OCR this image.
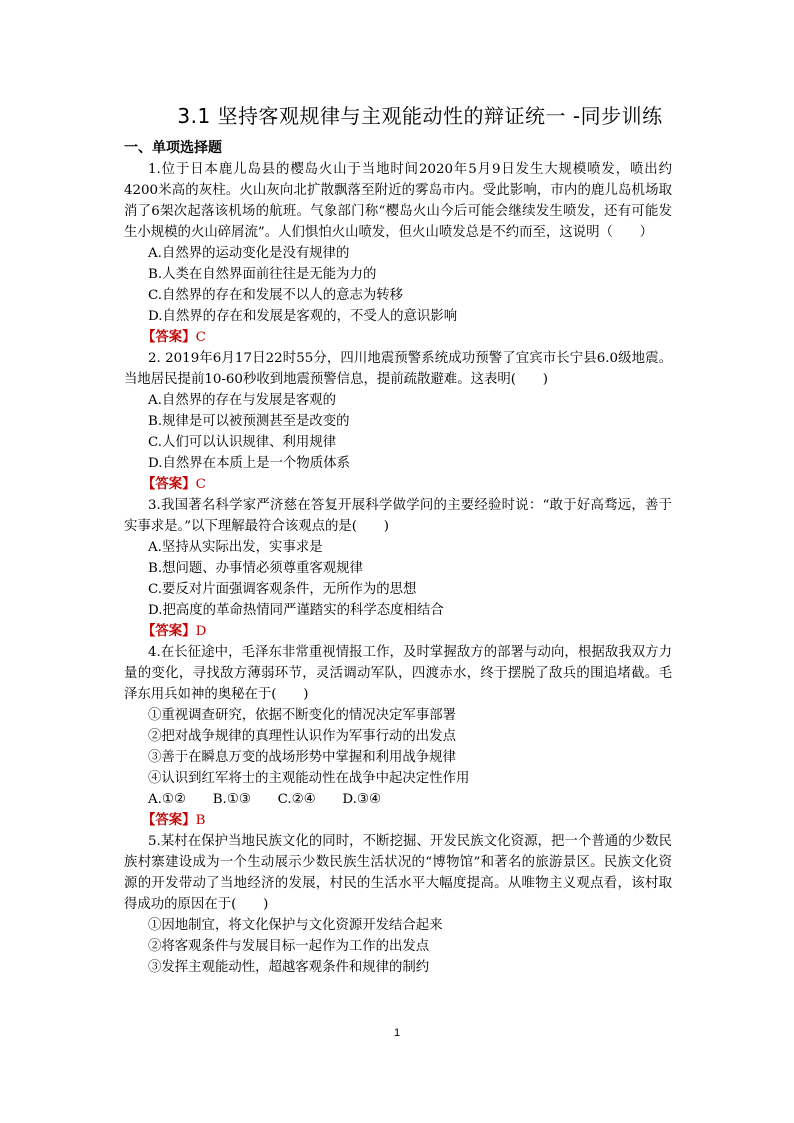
3.1 坚持客观规律与主观能动性的辩证统一 -同步训练
一、单项选择题

1.位于日本鹿儿岛县的樱岛火山于当地时间2020年5月9日发生大规模喷发，喷出约4200米高的灰柱。火山灰向北扩散飘落至附近的雾岛市内。受此影响，市内的鹿儿岛机场取消了6架次起落该机场的航班。气象部门称“樱岛火山今后可能会继续发生喷发，还有可能发生小规模的火山碎屑流”。人们惧怕火山喷发，但火山喷发总是不约而至，这说明（　　）

A.自然界的运动变化是没有规律的

B.人类在自然界面前往往是无能为力的

C.自然界的存在和发展不以人的意志为转移

D.自然界的存在和发展是客观的，不受人的意识影响

【答案】C

2. 2019年6月17日22时55分，四川地震预警系统成功预警了宜宾市长宁县6.0级地震。当地居民提前10-60秒收到地震预警信息，提前疏散避难。这表明(　　)

A.自然界的存在与发展是客观的

B.规律是可以被预测甚至是改变的

C.人们可以认识规律、利用规律

D.自然界在本质上是一个物质体系

【答案】C

3.我国著名科学家严济慈在答复开展科学做学问的主要经验时说：“敢于好高骛远，善于实事求是。”以下理解最符合该观点的是(　　)

A.坚持从实际出发，实事求是

B.想问题、办事情必须尊重客观规律

C.要反对片面强调客观条件，无所作为的思想

D.把高度的革命热情同严谨踏实的科学态度相结合

【答案】D

4.在长征途中，毛泽东非常重视情报工作，及时掌握敌方的部署与动向，根据敌我双方力量的变化，寻找敌方薄弱环节，灵活调动军队，四渡赤水，终于摆脱了敌兵的围追堵截。毛泽东用兵如神的奥秘在于(　　)

①重视调查研究，依据不断变化的情况决定军事部署

②把对战争规律的真理性认识作为军事行动的出发点

③善于在瞬息万变的战场形势中掌握和利用战争规律

④认识到红军将士的主观能动性在战争中起决定性作用

A.①②　　B.①③　　C.②④　　D.③④

【答案】B

5.某村在保护当地民族文化的同时，不断挖掘、开发民族文化资源，把一个普通的少数民族村寨建设成为一个生动展示少数民族生活状况的“博物馆”和著名的旅游景区。民族文化资源的开发带动了当地经济的发展，村民的生活水平大幅度提高。从唯物主义观点看，该村取得成功的原因在于(　　)

①因地制宜，将文化保护与文化资源开发结合起来

②将客观条件与发展目标一起作为工作的出发点

③发挥主观能动性，超越客观条件和规律的制约

1
